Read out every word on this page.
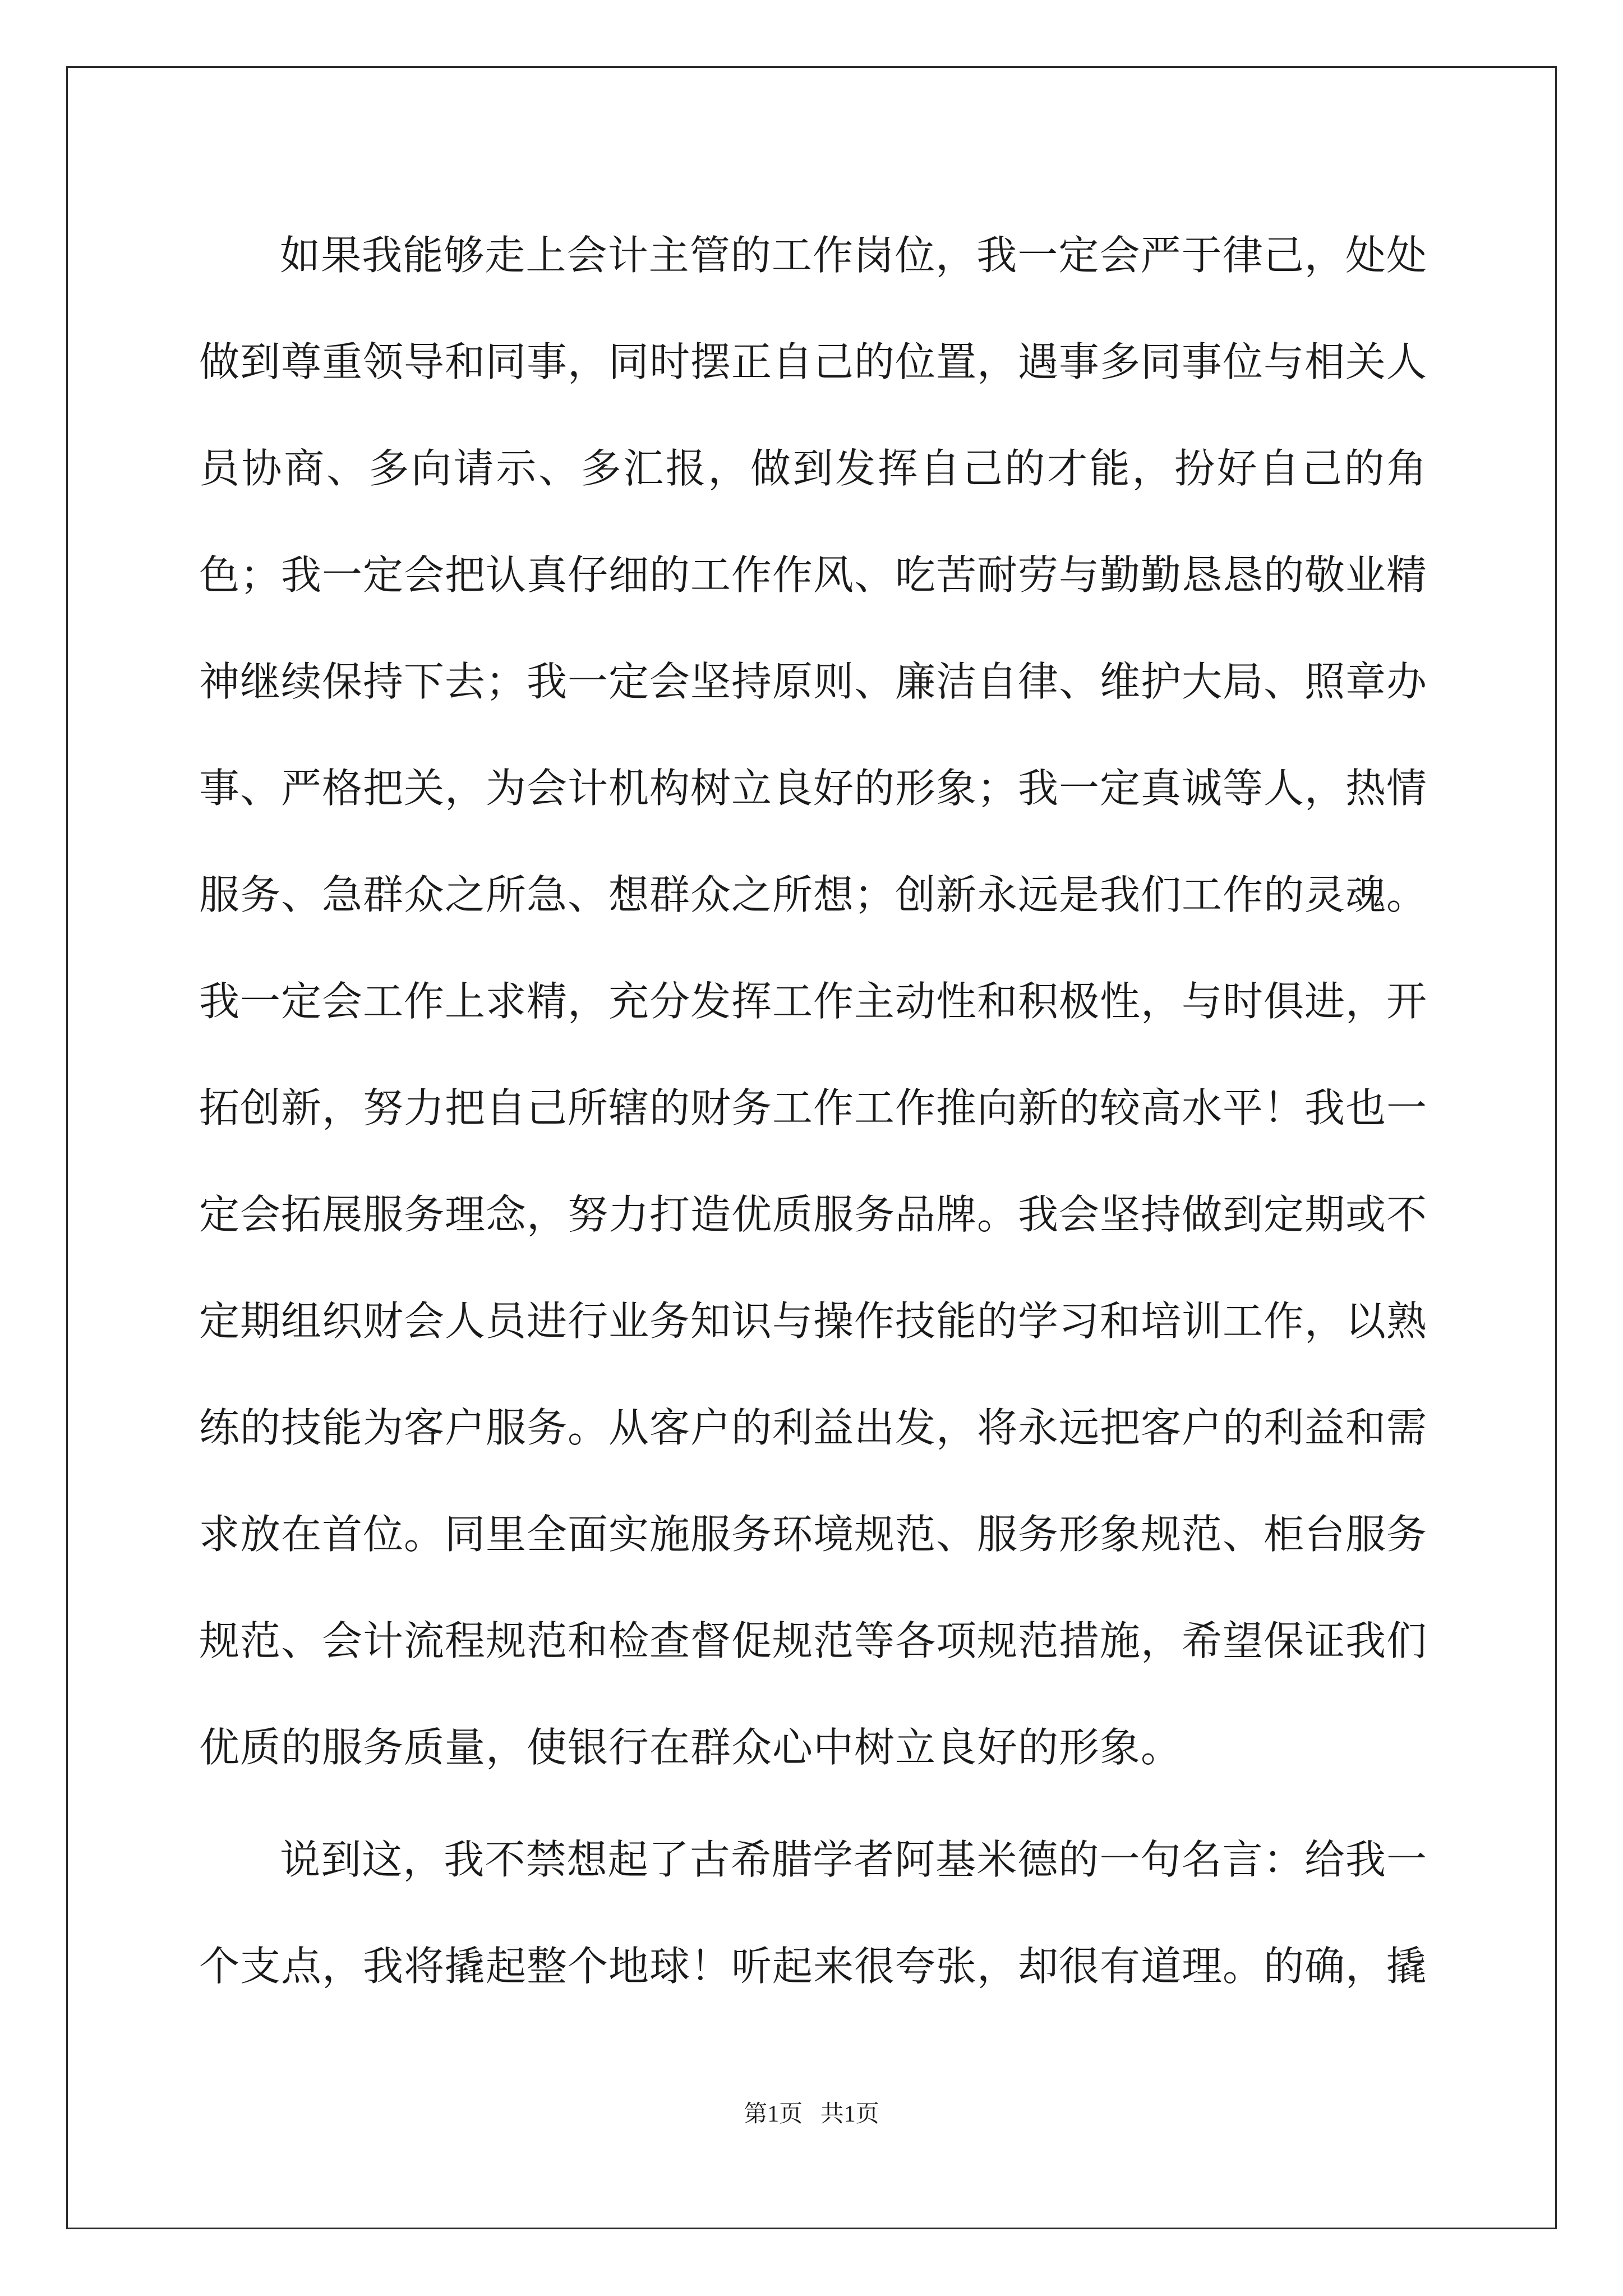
如果我能够走上会计主管的工作岗位，我一定会严于律己，处处做到尊重领导和同事，同时摆正自己的位置，遇事多同事位与相关人员协商、多向请示、多汇报，做到发挥自己的才能，扮好自己的角色；我一定会把认真仔细的工作作风、吃苦耐劳与勤勤恳恳的敬业精神继续保持下去；我一定会坚持原则、廉洁自律、维护大局、照章办事、严格把关，为会计机构树立良好的形象；我一定真诚等人，热情服务、急群众之所急、想群众之所想；创新永远是我们工作的灵魂。我一定会工作上求精，充分发挥工作主动性和积极性，与时俱进，开拓创新，努力把自己所辖的财务工作工作推向新的较高水平！我也一定会拓展服务理念，努力打造优质服务品牌。我会坚持做到定期或不定期组织财会人员进行业务知识与操作技能的学习和培训工作，以熟练的技能为客户服务。从客户的利益出发，将永远把客户的利益和需求放在首位。同里全面实施服务环境规范、服务形象规范、柜台服务规范、会计流程规范和检查督促规范等各项规范措施，希望保证我们优质的服务质量，使银行在群众心中树立良好的形象。

说到这，我不禁想起了古希腊学者阿基米德的一句名言：给我一个支点，我将撬起整个地球！听起来很夸张，却很有道理。的确，撬

第1页   共1页
